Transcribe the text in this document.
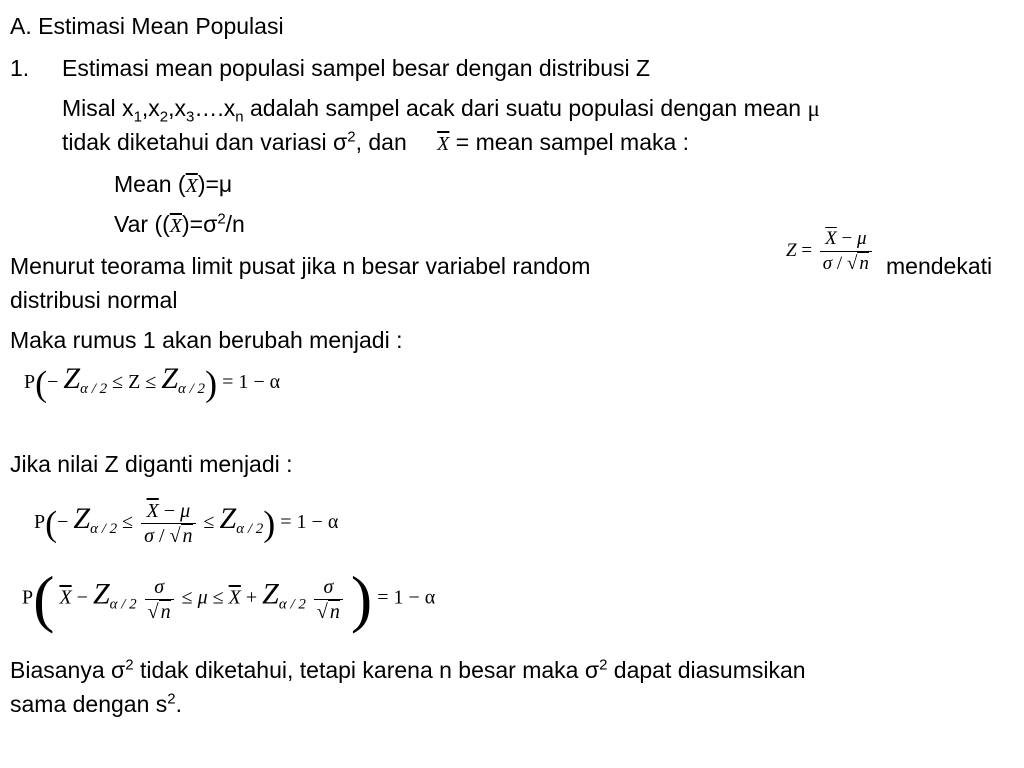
A. Estimasi Mean Populasi
1. Estimasi mean populasi sampel besar dengan distribusi Z
Misal $x_1,x_2,x_3\dots.x_n$ adalah sampel acak dari suatu populasi dengan mean μ
tidak diketahui dan variasi $\sigma^2$, dan $\overline{X}$ = mean sampel maka :
Mean $(\overline{X})=\mu$
Var ($(\overline{X})=\sigma^2/n$
Menurut teorama limit pusat jika n besar variabel random	mendekati
distribusi normal
$Z = \frac{\overline{X} - \mu}{\sigma / √ n}$
Maka rumus 1 akan berubah menjadi :
$P(- Z_{\alpha / 2} \le Z \le Z_{\alpha / 2}) = 1 - \alpha$
Jika nilai Z diganti menjadi :
$P(- Z_{\alpha / 2} \le \frac{\overline{X} - \mu}{\sigma / √ n} \le Z_{\alpha / 2}) = 1 - \alpha$
P( $\overline{X} - Z_{\alpha / 2} \frac{\sigma}{√ n} \le \mu \le \overline{X} + Z_{\alpha / 2} \frac{\sigma}{√ n}$ ) = 1 − α
Biasanya $\sigma^2$ tidak diketahui, tetapi karena n besar maka $\sigma^2$ dapat diasumsikan
sama dengan $s^2$.
